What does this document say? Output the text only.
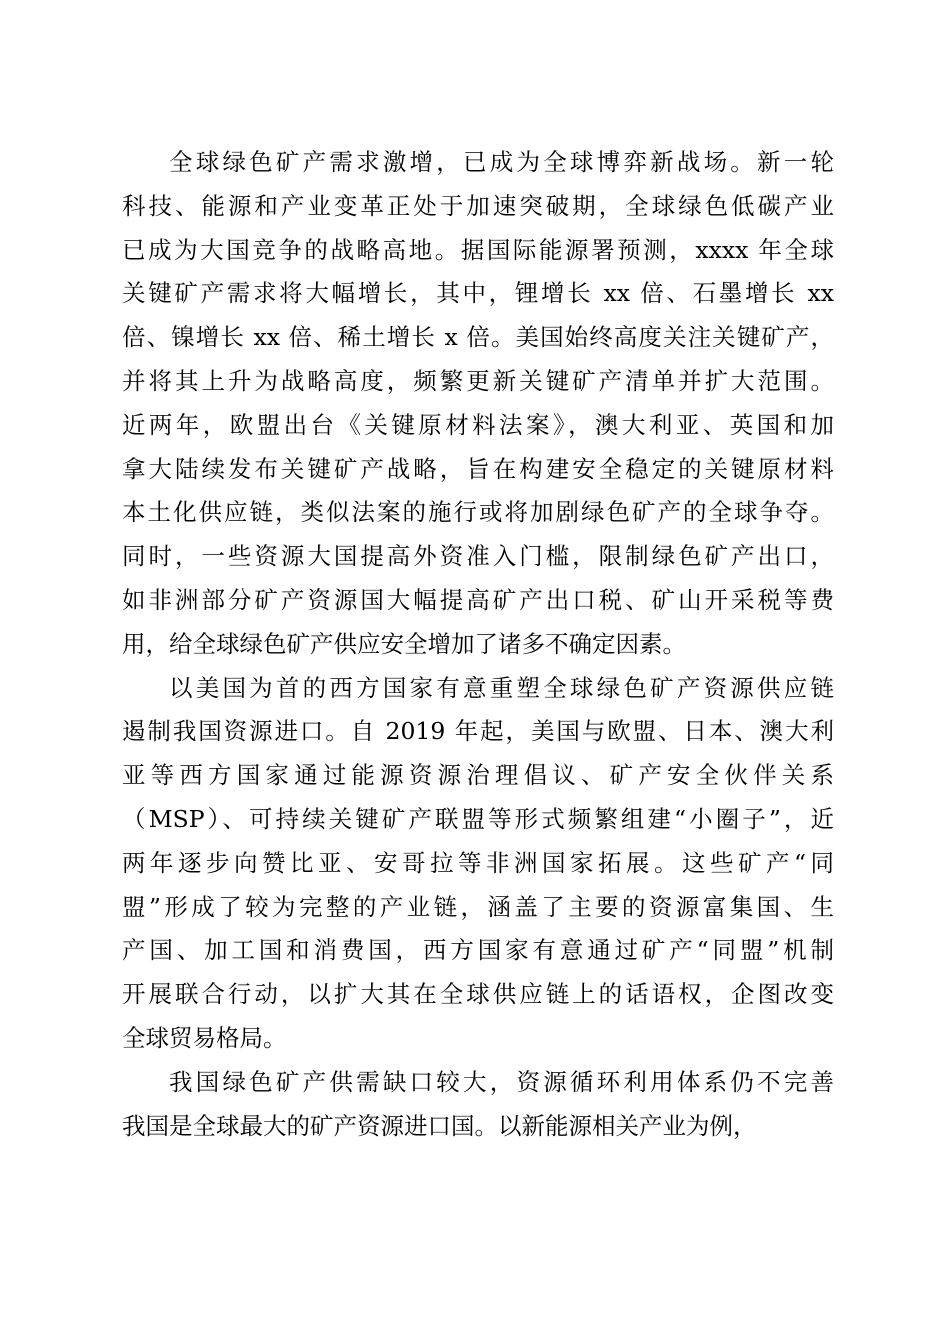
全球绿色矿产需求激增，已成为全球博弈新战场。新一轮
科技、能源和产业变革正处于加速突破期，全球绿色低碳产业
已成为大国竞争的战略高地。据国际能源署预测，xxxx 年全球
关键矿产需求将大幅增长，其中，锂增长 xx 倍、石墨增长 xx
倍、镍增长 xx 倍、稀土增长 x 倍。美国始终高度关注关键矿产，
并将其上升为战略高度，频繁更新关键矿产清单并扩大范围。
近两年，欧盟出台《关键原材料法案》，澳大利亚、英国和加
拿大陆续发布关键矿产战略，旨在构建安全稳定的关键原材料
本土化供应链，类似法案的施行或将加剧绿色矿产的全球争夺。
同时，一些资源大国提高外资准入门槛，限制绿色矿产出口，
如非洲部分矿产资源国大幅提高矿产出口税、矿山开采税等费
用，给全球绿色矿产供应安全增加了诸多不确定因素。

以美国为首的西方国家有意重塑全球绿色矿产资源供应链
遏制我国资源进口。自 2019 年起，美国与欧盟、日本、澳大利
亚等西方国家通过能源资源治理倡议、矿产安全伙伴关系
（MSP）、可持续关键矿产联盟等形式频繁组建“小圈子”，近
两年逐步向赞比亚、安哥拉等非洲国家拓展。这些矿产“同
盟”形成了较为完整的产业链，涵盖了主要的资源富集国、生
产国、加工国和消费国，西方国家有意通过矿产“同盟”机制
开展联合行动，以扩大其在全球供应链上的话语权，企图改变
全球贸易格局。

我国绿色矿产供需缺口较大，资源循环利用体系仍不完善
我国是全球最大的矿产资源进口国。以新能源相关产业为例，
